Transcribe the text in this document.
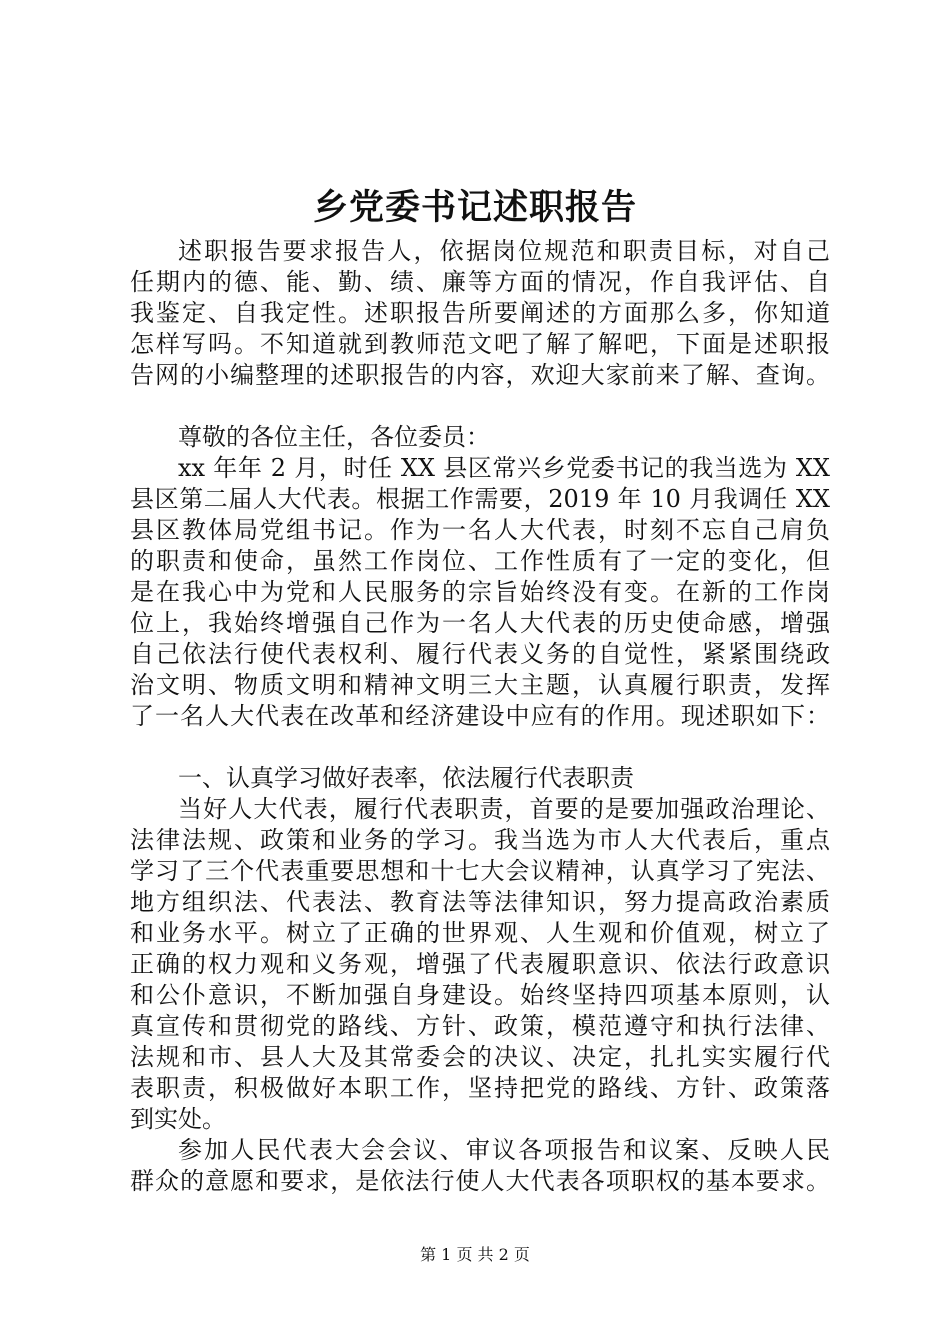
乡党委书记述职报告
述职报告要求报告人，依据岗位规范和职责目标，对自己
任期内的德、能、勤、绩、廉等方面的情况，作自我评估、自
我鉴定、自我定性。述职报告所要阐述的方面那么多，你知道
怎样写吗。不知道就到教师范文吧了解了解吧，下面是述职报
告网的小编整理的述职报告的内容，欢迎大家前来了解、查询。
尊敬的各位主任，各位委员：
xx 年年 2 月，时任 XX 县区常兴乡党委书记的我当选为 XX
县区第二届人大代表。根据工作需要，2019 年 10 月我调任 XX
县区教体局党组书记。作为一名人大代表，时刻不忘自己肩负
的职责和使命，虽然工作岗位、工作性质有了一定的变化，但
是在我心中为党和人民服务的宗旨始终没有变。在新的工作岗
位上，我始终增强自己作为一名人大代表的历史使命感，增强
自己依法行使代表权利、履行代表义务的自觉性，紧紧围绕政
治文明、物质文明和精神文明三大主题，认真履行职责，发挥
了一名人大代表在改革和经济建设中应有的作用。现述职如下：
一、认真学习做好表率，依法履行代表职责
当好人大代表，履行代表职责，首要的是要加强政治理论、
法律法规、政策和业务的学习。我当选为市人大代表后，重点
学习了三个代表重要思想和十七大会议精神，认真学习了宪法、
地方组织法、代表法、教育法等法律知识，努力提高政治素质
和业务水平。树立了正确的世界观、人生观和价值观，树立了
正确的权力观和义务观，增强了代表履职意识、依法行政意识
和公仆意识，不断加强自身建设。始终坚持四项基本原则，认
真宣传和贯彻党的路线、方针、政策，模范遵守和执行法律、
法规和市、县人大及其常委会的决议、决定，扎扎实实履行代
表职责，积极做好本职工作，坚持把党的路线、方针、政策落
到实处。
参加人民代表大会会议、审议各项报告和议案、反映人民
群众的意愿和要求，是依法行使人大代表各项职权的基本要求。
第 1 页 共 2 页
